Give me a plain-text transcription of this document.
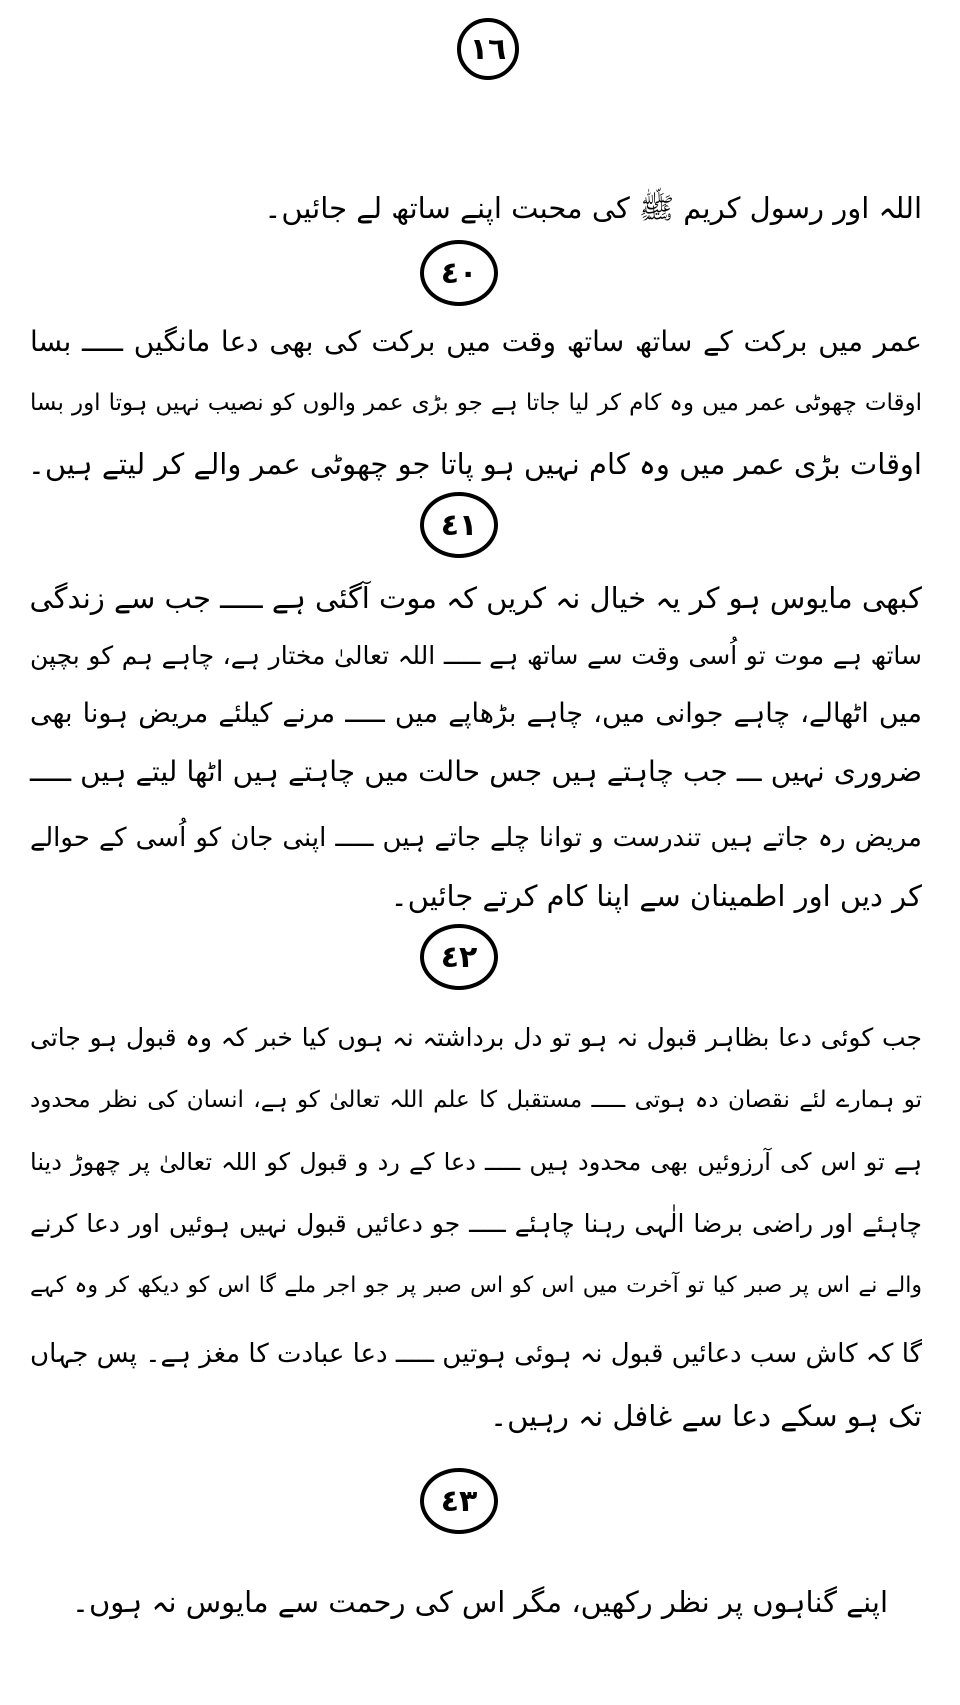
١٦
اللہ اور رسول کریم ﷺ کی محبت اپنے ساتھ لے جائیں۔
٤٠
عمر میں برکت کے ساتھ ساتھ وقت میں برکت کی بھی دعا مانگیں ـــــ بسا
اوقات چھوٹی عمر میں وہ کام کر لیا جاتا ہے جو بڑی عمر والوں کو نصیب نہیں ہوتا اور بسا
اوقات بڑی عمر میں وہ کام نہیں ہو پاتا جو چھوٹی عمر والے کر لیتے ہیں۔
٤١
کبھی مایوس ہو کر یہ خیال نہ کریں کہ موت آگئی ہے ـــــ جب سے زندگی
ساتھ ہے موت تو اُسی وقت سے ساتھ ہے ـــــ اللہ تعالیٰ مختار ہے، چاہے ہم کو بچپن
میں اٹھالے، چاہے جوانی میں، چاہے بڑھاپے میں ـــــ مرنے کیلئے مریض ہونا بھی
ضروری نہیں ـــ جب چاہتے ہیں جس حالت میں چاہتے ہیں اٹھا لیتے ہیں ـــــ
مریض رہ جاتے ہیں تندرست و توانا چلے جاتے ہیں ـــــ اپنی جان کو اُسی کے حوالے
کر دیں اور اطمینان سے اپنا کام کرتے جائیں۔
٤٢
جب کوئی دعا بظاہر قبول نہ ہو تو دل برداشتہ نہ ہوں کیا خبر کہ وہ قبول ہو جاتی
تو ہمارے لئے نقصان دہ ہوتی ـــــ مستقبل کا علم اللہ تعالیٰ کو ہے، انسان کی نظر محدود
ہے تو اس کی آرزوئیں بھی محدود ہیں ـــــ دعا کے رد و قبول کو اللہ تعالیٰ پر چھوڑ دینا
چاہئے اور راضی برضا الٰہی رہنا چاہئے ـــــ جو دعائیں قبول نہیں ہوئیں اور دعا کرنے
والے نے اس پر صبر کیا تو آخرت میں اس کو اس صبر پر جو اجر ملے گا اس کو دیکھ کر وہ کہے
گا کہ کاش سب دعائیں قبول نہ ہوئی ہوتیں ـــــ دعا عبادت کا مغز ہے۔ پس جہاں
تک ہو سکے دعا سے غافل نہ رہیں۔
٤٣
اپنے گناہوں پر نظر رکھیں، مگر اس کی رحمت سے مایوس نہ ہوں۔
